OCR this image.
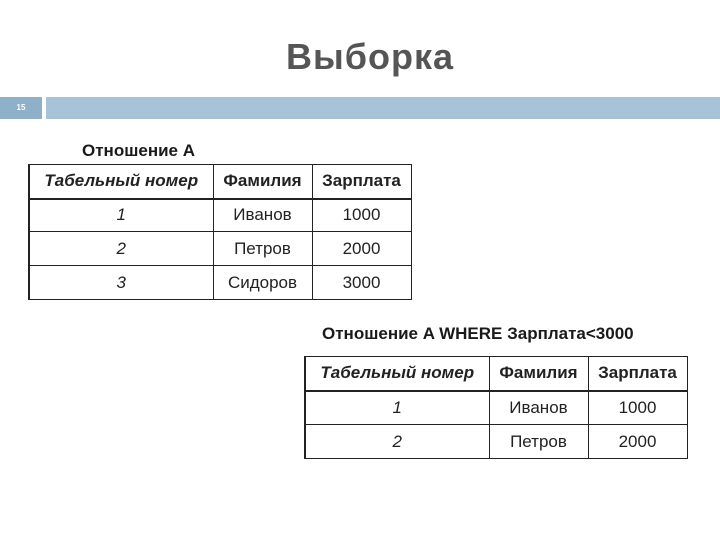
Выборка
15
Отношение А
Табельный номер	Фамилия	Зарплата
1	Иванов	1000
2	Петров	2000
3	Сидоров	3000
Отношение A WHERE Зарплата<3000
Табельный номер	Фамилия	Зарплата
1	Иванов	1000
2	Петров	2000
